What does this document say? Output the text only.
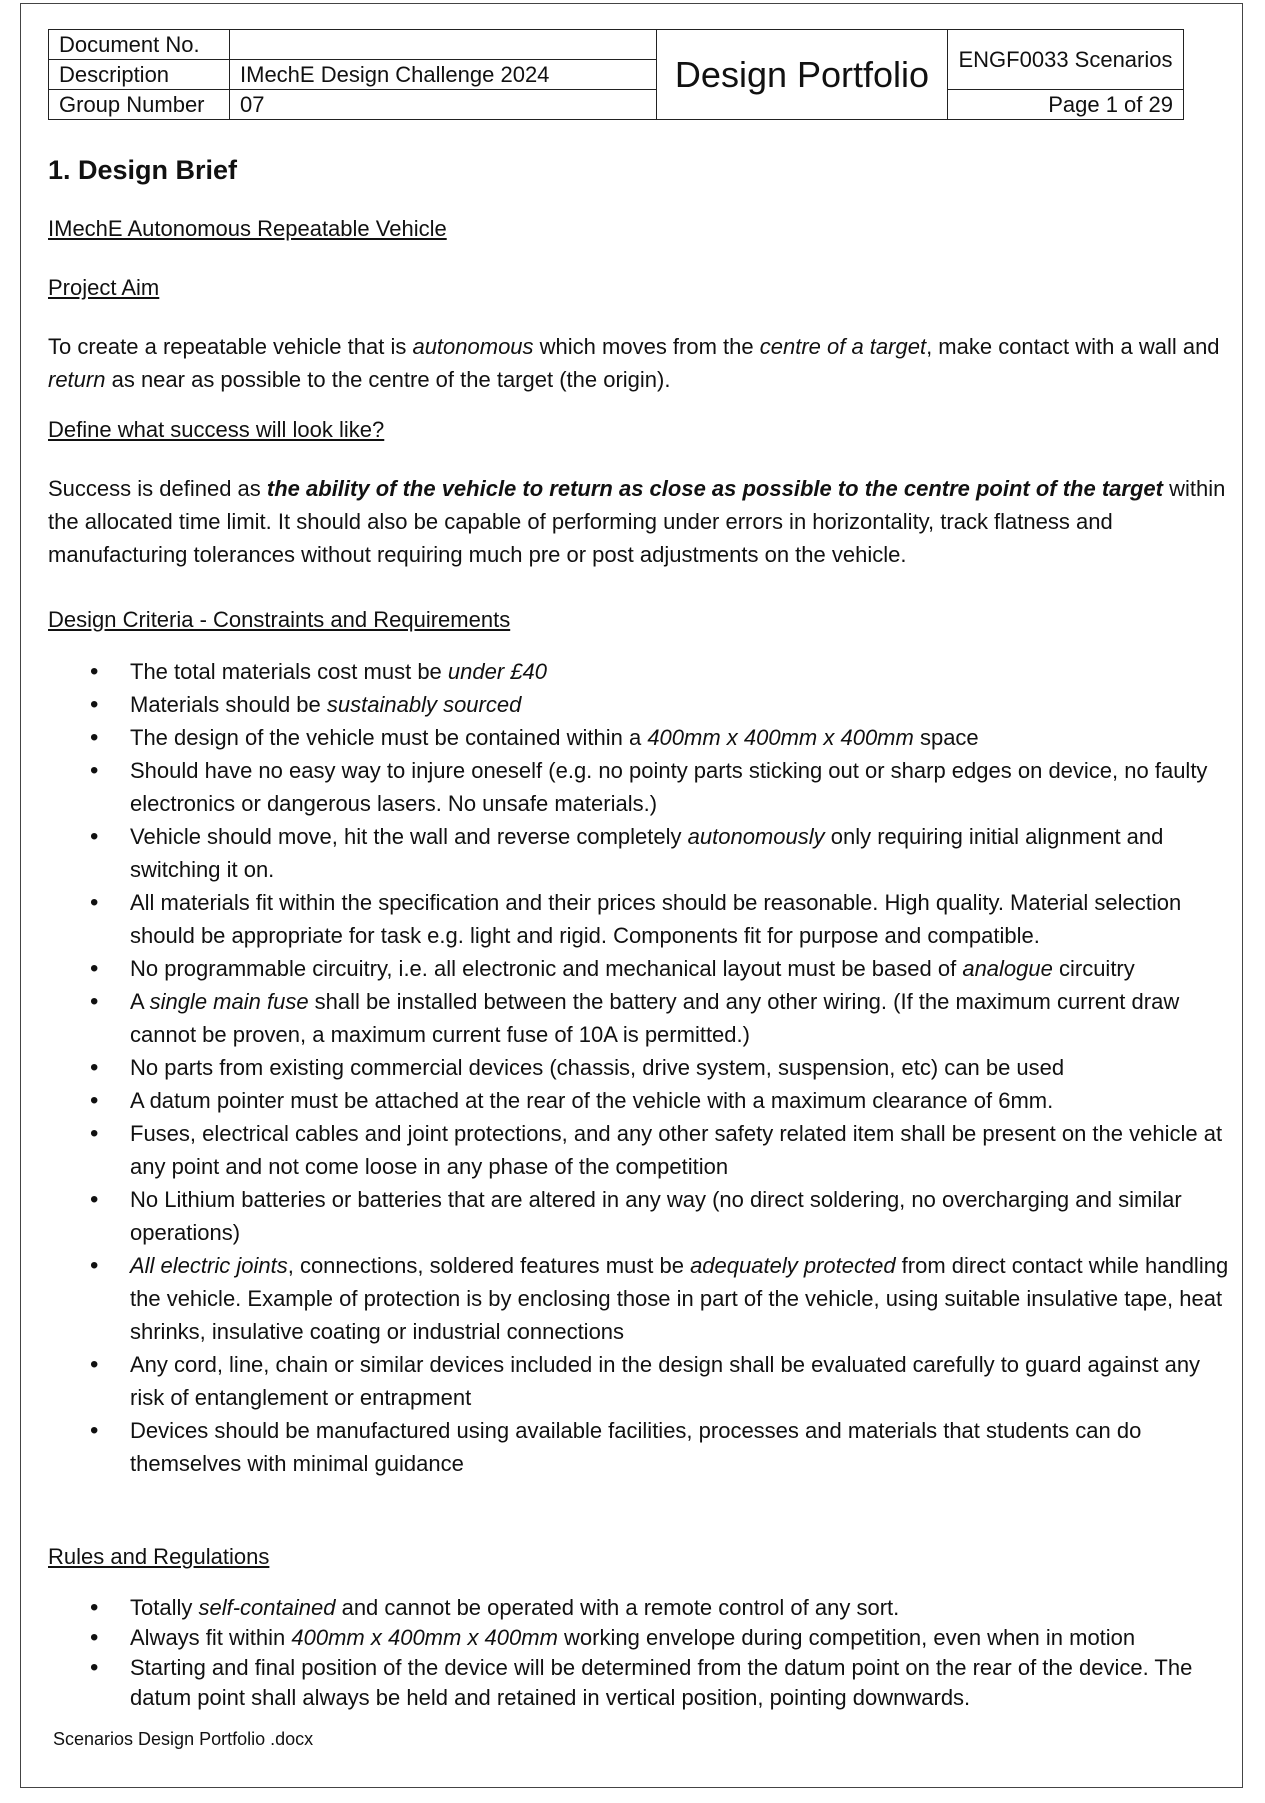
Document No.		Design Portfolio	ENGF0033 Scenarios
Description	IMechE Design Challenge 2024		
Group Number	07		Page 1 of 29
1. Design Brief

IMechE Autonomous Repeatable Vehicle

Project Aim

To create a repeatable vehicle that is autonomous which moves from the centre of a target, make contact with a wall and return as near as possible to the centre of the target (the origin).

Define what success will look like?

Success is defined as the ability of the vehicle to return as close as possible to the centre point of the target within the allocated time limit. It should also be capable of performing under errors in horizontality, track flatness and manufacturing tolerances without requiring much pre or post adjustments on the vehicle.

Design Criteria - Constraints and Requirements

• The total materials cost must be under £40
• Materials should be sustainably sourced
• The design of the vehicle must be contained within a 400mm x 400mm x 400mm space
• Should have no easy way to injure oneself (e.g. no pointy parts sticking out or sharp edges on device, no faulty electronics or dangerous lasers. No unsafe materials.)
• Vehicle should move, hit the wall and reverse completely autonomously only requiring initial alignment and switching it on.
• All materials fit within the specification and their prices should be reasonable. High quality. Material selection should be appropriate for task e.g. light and rigid. Components fit for purpose and compatible.
• No programmable circuitry, i.e. all electronic and mechanical layout must be based of analogue circuitry
• A single main fuse shall be installed between the battery and any other wiring. (If the maximum current draw cannot be proven, a maximum current fuse of 10A is permitted.)
• No parts from existing commercial devices (chassis, drive system, suspension, etc) can be used
• A datum pointer must be attached at the rear of the vehicle with a maximum clearance of 6mm.
• Fuses, electrical cables and joint protections, and any other safety related item shall be present on the vehicle at any point and not come loose in any phase of the competition
• No Lithium batteries or batteries that are altered in any way (no direct soldering, no overcharging and similar operations)
• All electric joints, connections, soldered features must be adequately protected from direct contact while handling the vehicle. Example of protection is by enclosing those in part of the vehicle, using suitable insulative tape, heat shrinks, insulative coating or industrial connections
• Any cord, line, chain or similar devices included in the design shall be evaluated carefully to guard against any risk of entanglement or entrapment
• Devices should be manufactured using available facilities, processes and materials that students can do themselves with minimal guidance

Rules and Regulations

• Totally self-contained and cannot be operated with a remote control of any sort.
• Always fit within 400mm x 400mm x 400mm working envelope during competition, even when in motion
• Starting and final position of the device will be determined from the datum point on the rear of the device. The datum point shall always be held and retained in vertical position, pointing downwards.

Scenarios Design Portfolio .docx
